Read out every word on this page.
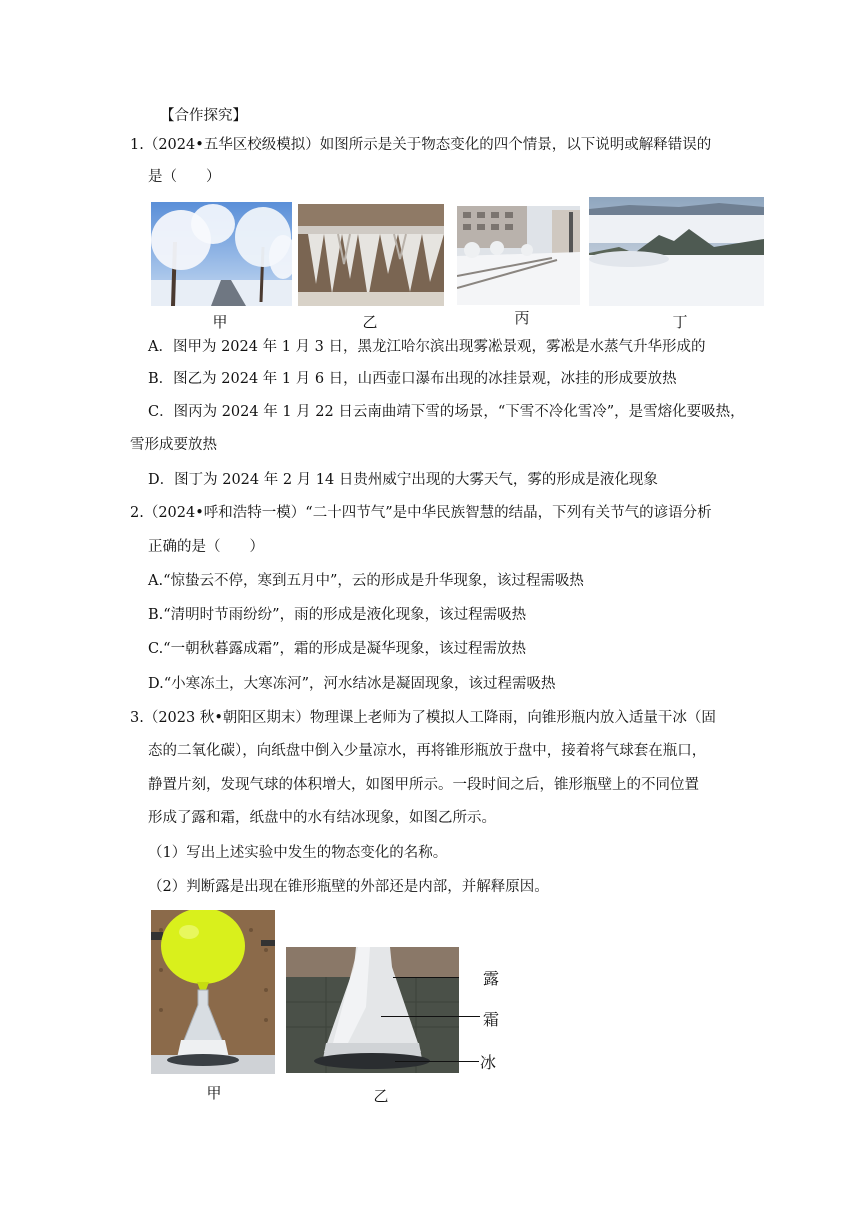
【合作探究】
1.（2024•五华区校级模拟）如图所示是关于物态变化的四个情景，以下说明或解释错误的
是（　　）
甲	乙	丙	丁
A．图甲为 2024 年 1 月 3 日，黑龙江哈尔滨出现雾凇景观，雾凇是水蒸气升华形成的
B．图乙为 2024 年 1 月 6 日，山西壶口瀑布出现的冰挂景观，冰挂的形成要放热
C．图丙为 2024 年 1 月 22 日云南曲靖下雪的场景，“下雪不冷化雪冷”，是雪熔化要吸热，
雪形成要放热
D．图丁为 2024 年 2 月 14 日贵州威宁出现的大雾天气，雾的形成是液化现象
2.（2024•呼和浩特一模）“二十四节气”是中华民族智慧的结晶，下列有关节气的谚语分析
正确的是（　　）
A.“惊蛰云不停，寒到五月中”，云的形成是升华现象，该过程需吸热
B.“清明时节雨纷纷”，雨的形成是液化现象，该过程需吸热
C.“一朝秋暮露成霜”，霜的形成是凝华现象，该过程需放热
D.“小寒冻土，大寒冻河”，河水结冰是凝固现象，该过程需吸热
3.（2023 秋•朝阳区期末）物理课上老师为了模拟人工降雨，向锥形瓶内放入适量干冰（固
态的二氧化碳），向纸盘中倒入少量凉水，再将锥形瓶放于盘中，接着将气球套在瓶口，
静置片刻，发现气球的体积增大，如图甲所示。一段时间之后，锥形瓶壁上的不同位置
形成了露和霜，纸盘中的水有结冰现象，如图乙所示。
（1）写出上述实验中发生的物态变化的名称。
（2）判断露是出现在锥形瓶壁的外部还是内部，并解释原因。
露
霜
冰
甲	乙
